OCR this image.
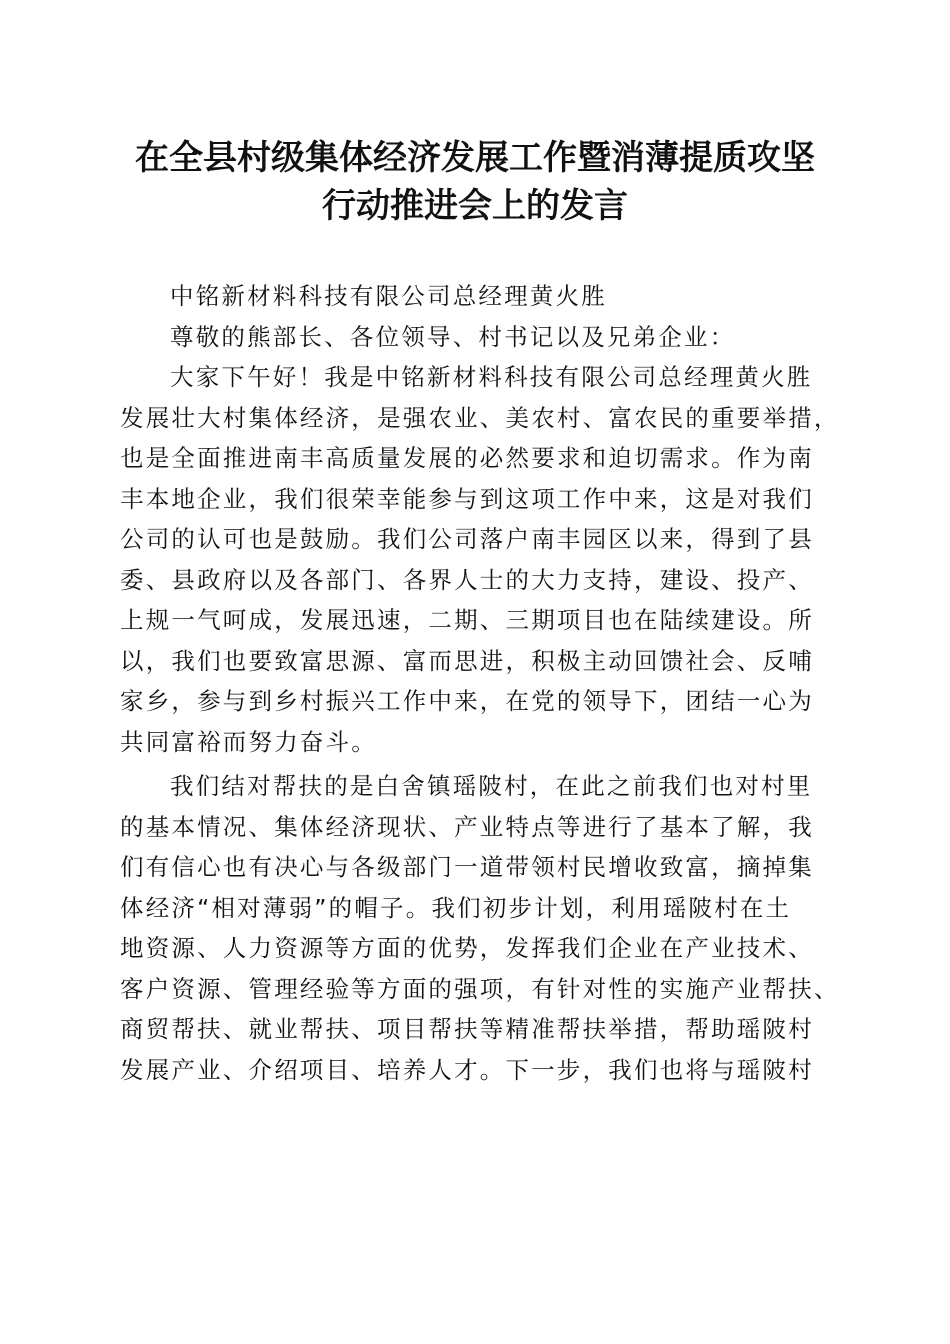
在全县村级集体经济发展工作暨消薄提质攻坚
行动推进会上的发言
中铭新材料科技有限公司总经理黄火胜
尊敬的熊部长、各位领导、村书记以及兄弟企业：
大家下午好！我是中铭新材料科技有限公司总经理黄火胜
发展壮大村集体经济，是强农业、美农村、富农民的重要举措，
也是全面推进南丰高质量发展的必然要求和迫切需求。作为南
丰本地企业，我们很荣幸能参与到这项工作中来，这是对我们
公司的认可也是鼓励。我们公司落户南丰园区以来，得到了县
委、县政府以及各部门、各界人士的大力支持，建设、投产、
上规一气呵成，发展迅速，二期、三期项目也在陆续建设。所
以，我们也要致富思源、富而思进，积极主动回馈社会、反哺
家乡，参与到乡村振兴工作中来，在党的领导下，团结一心为
共同富裕而努力奋斗。
我们结对帮扶的是白舍镇瑶陂村，在此之前我们也对村里
的基本情况、集体经济现状、产业特点等进行了基本了解，我
们有信心也有决心与各级部门一道带领村民增收致富，摘掉集
体经济“相对薄弱”的帽子。我们初步计划，利用瑶陂村在土
地资源、人力资源等方面的优势，发挥我们企业在产业技术、
客户资源、管理经验等方面的强项，有针对性的实施产业帮扶、
商贸帮扶、就业帮扶、项目帮扶等精准帮扶举措，帮助瑶陂村
发展产业、介绍项目、培养人才。下一步，我们也将与瑶陂村
